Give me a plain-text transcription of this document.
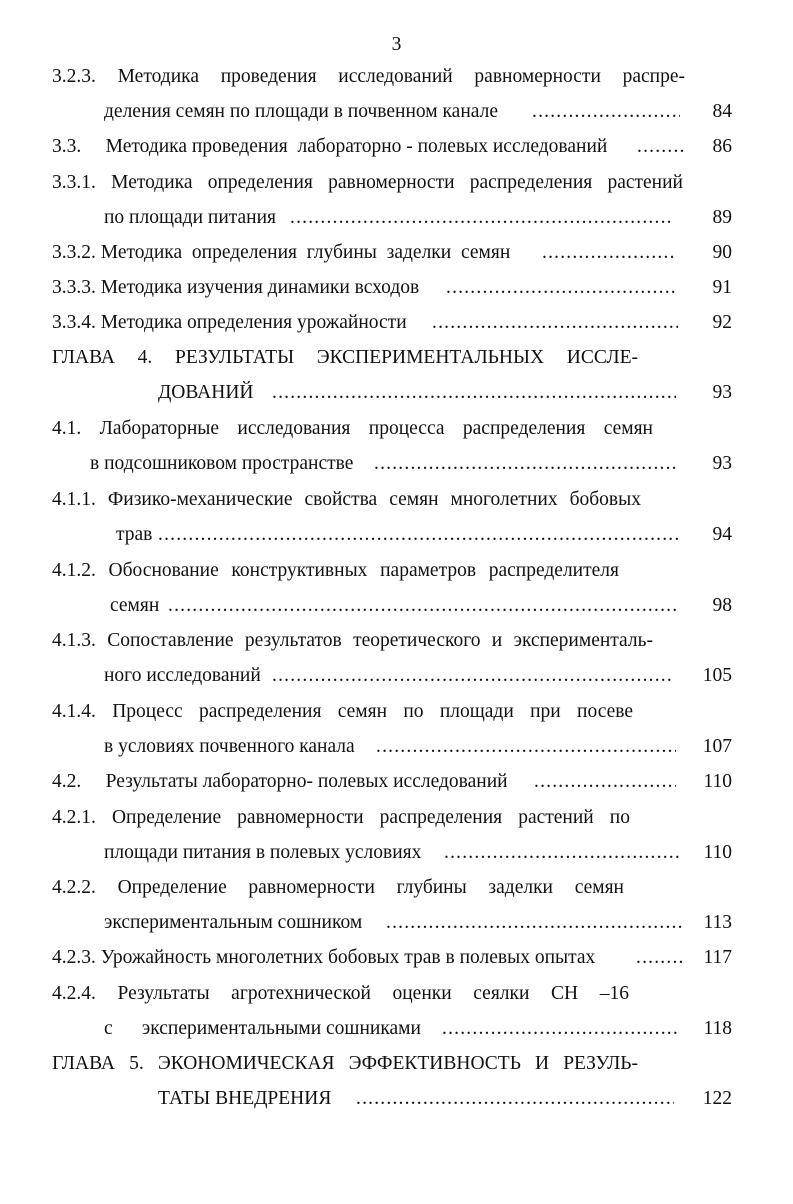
3
3.2.3. Методика проведения исследований равномерности распре-
деления семян по площади в почвенном канале .....	84
3.3.     Методика проведения  лабораторно - полевых исследований .....	86
3.3.1. Методика определения равномерности распределения растений
по площади питания .....	89
3.3.2. Методика  определения  глубины  заделки  семян .....	90
3.3.3. Методика изучения динамики всходов .....	91
3.3.4. Методика определения урожайности .....	92
ГЛАВА 4. РЕЗУЛЬТАТЫ ЭКСПЕРИМЕНТАЛЬНЫХ ИССЛЕ-
ДОВАНИЙ .....	93
4.1. Лабораторные исследования процесса распределения семян
в подсошниковом пространстве .....	93
4.1.1. Физико-механические свойства семян многолетних бобовых
трав .....	94
4.1.2. Обоснование конструктивных параметров распределителя
семян .....	98
4.1.3. Сопоставление результатов теоретического и эксперименталь-
ного исследований .....	105
4.1.4. Процесс распределения семян по площади при посеве
в условиях почвенного канала .....	107
4.2.     Результаты лабораторно- полевых исследований .....	110
4.2.1. Определение равномерности распределения растений по
площади питания в полевых условиях .....	110
4.2.2. Определение равномерности глубины заделки семян
экспериментальным сошником .....	113
4.2.3. Урожайность многолетних бобовых трав в полевых опытах .....	117
4.2.4. Результаты агротехнической оценки сеялки СН –16
с      экспериментальными сошниками .....	118
ГЛАВА 5. ЭКОНОМИЧЕСКАЯ ЭФФЕКТИВНОСТЬ И РЕЗУЛЬ-
ТАТЫ ВНЕДРЕНИЯ .....	122
